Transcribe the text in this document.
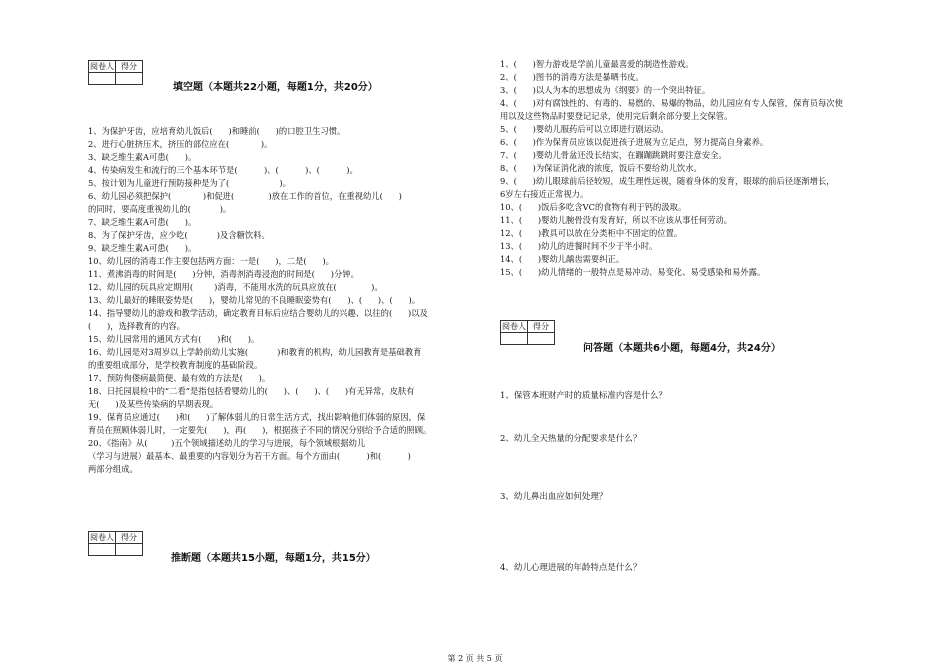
阅卷人	得分

填空题（本题共22小题，每题1分，共20分）
1、为保护牙齿，应培育幼儿饭后(      )和睡前(      )的口腔卫生习惯。
2、进行心脏挤压术，挤压的部位应在(            )。
3、缺乏维生素A可患(      )。
4、传染病发生和流行的三个基本环节是(          )、(          )、(          )。
5、按计划为儿童进行预防接种是为了(                   )。
6、幼儿园必须把保护(            )和促进(             )放在工作的首位，在重视幼儿(      )
的同时，要高度重视幼儿的(           )。
7、缺乏维生素A可患(      )。
8、为了保护牙齿，应少吃(           )及含糖饮料。
9、缺乏维生素A可患(      )。
10、幼儿园的消毒工作主要包括两方面：一是(      )，二是(      )。
11、煮沸消毒的时间是(      )分钟，消毒剂消毒浸泡的时间是(      )分钟。
12、幼儿园的玩具应定期用(        )消毒，不能用水洗的玩具应放在(             )。
13、幼儿最好的睡眠姿势是(      )，婴幼儿常见的不良睡眠姿势有(      )、(      )、(      )。
14、指导婴幼儿的游戏和教学活动，确定教育目标后应结合婴幼儿的兴趣、以往的(      )以及
(      )，选择教育的内容。
15、幼儿园常用的通风方式有(      )和(      )。
16、幼儿园是对3周岁以上学龄前幼儿实施(           )和教育的机构，幼儿园教育是基础教育
的重要组成部分，是学校教育制度的基础阶段。
17、预防佝偻病最简便、最有效的方法是(      )。
18、日托园晨检中的“二看”是指包括看婴幼儿的(      )、(      )、(      )有无异常，皮肤有
无(      )及某些传染病的早期表现。
19、保育员应通过(      )和(      )了解体弱儿的日常生活方式，找出影响他们体弱的原因，保
育员在照顾体弱儿时，一定要先(      )，再(      )，根据孩子不同的情况分别给予合适的照顾。
20、《指南》从(         )五个领域描述幼儿的学习与进展，每个领域根据幼儿
（学习与进展）最基本、最重要的内容划分为若干方面。每个方面由(          )和(          )
两部分组成。
阅卷人	得分

推断题（本题共15小题，每题1分，共15分）
1、(      )智力游戏是学前儿童最喜爱的制造性游戏。
2、(      )图书的消毒方法是暴晒书皮。
3、(      )以人为本的思想成为《纲要》的一个突出特征。
4、(      )对有腐蚀性的、有毒的、易燃的、易爆的物品，幼儿园应有专人保管，保育员每次使
用以及这些物品时要登记记录，使用完后剩余部分要上交保管。
5、(      )婴幼儿服药后可以立即进行剧运动。
6、(      )作为保育员应该以促进孩子进展为立足点，努力提高自身素养。
7、(      )婴幼儿骨盆还没长结实，在蹦蹦跳跳时要注意安全。
8、(      )为保证消化液的浓度，饭后不要给幼儿饮水。
9、(      )幼儿眼球前后径较短，成生理性远视，随着身体的发育，眼球的前后径逐渐增长，
6岁左右接近正常视力。
10、(      )饭后多吃含VC的食物有利于钙的汲取。
11、(      )婴幼儿腕骨没有发育好，所以不应该从事任何劳动。
12、(      )教具可以放在分类柜中不固定的位置。
13、(      )幼儿的进餐时间不少于半小时。
14、(      )婴幼儿龋齿需要纠正。
15、(      )幼儿情绪的一般特点是易冲动、易变化、易受感染和易外露。
阅卷人	得分

问答题（本题共6小题，每题4分，共24分）
1、保管本班财产时的质量标准内容是什么？
2、幼儿全天热量的分配要求是什么？
3、幼儿鼻出血应如何处理？
4、幼儿心理进展的年龄特点是什么？
第 2 页 共 5 页
